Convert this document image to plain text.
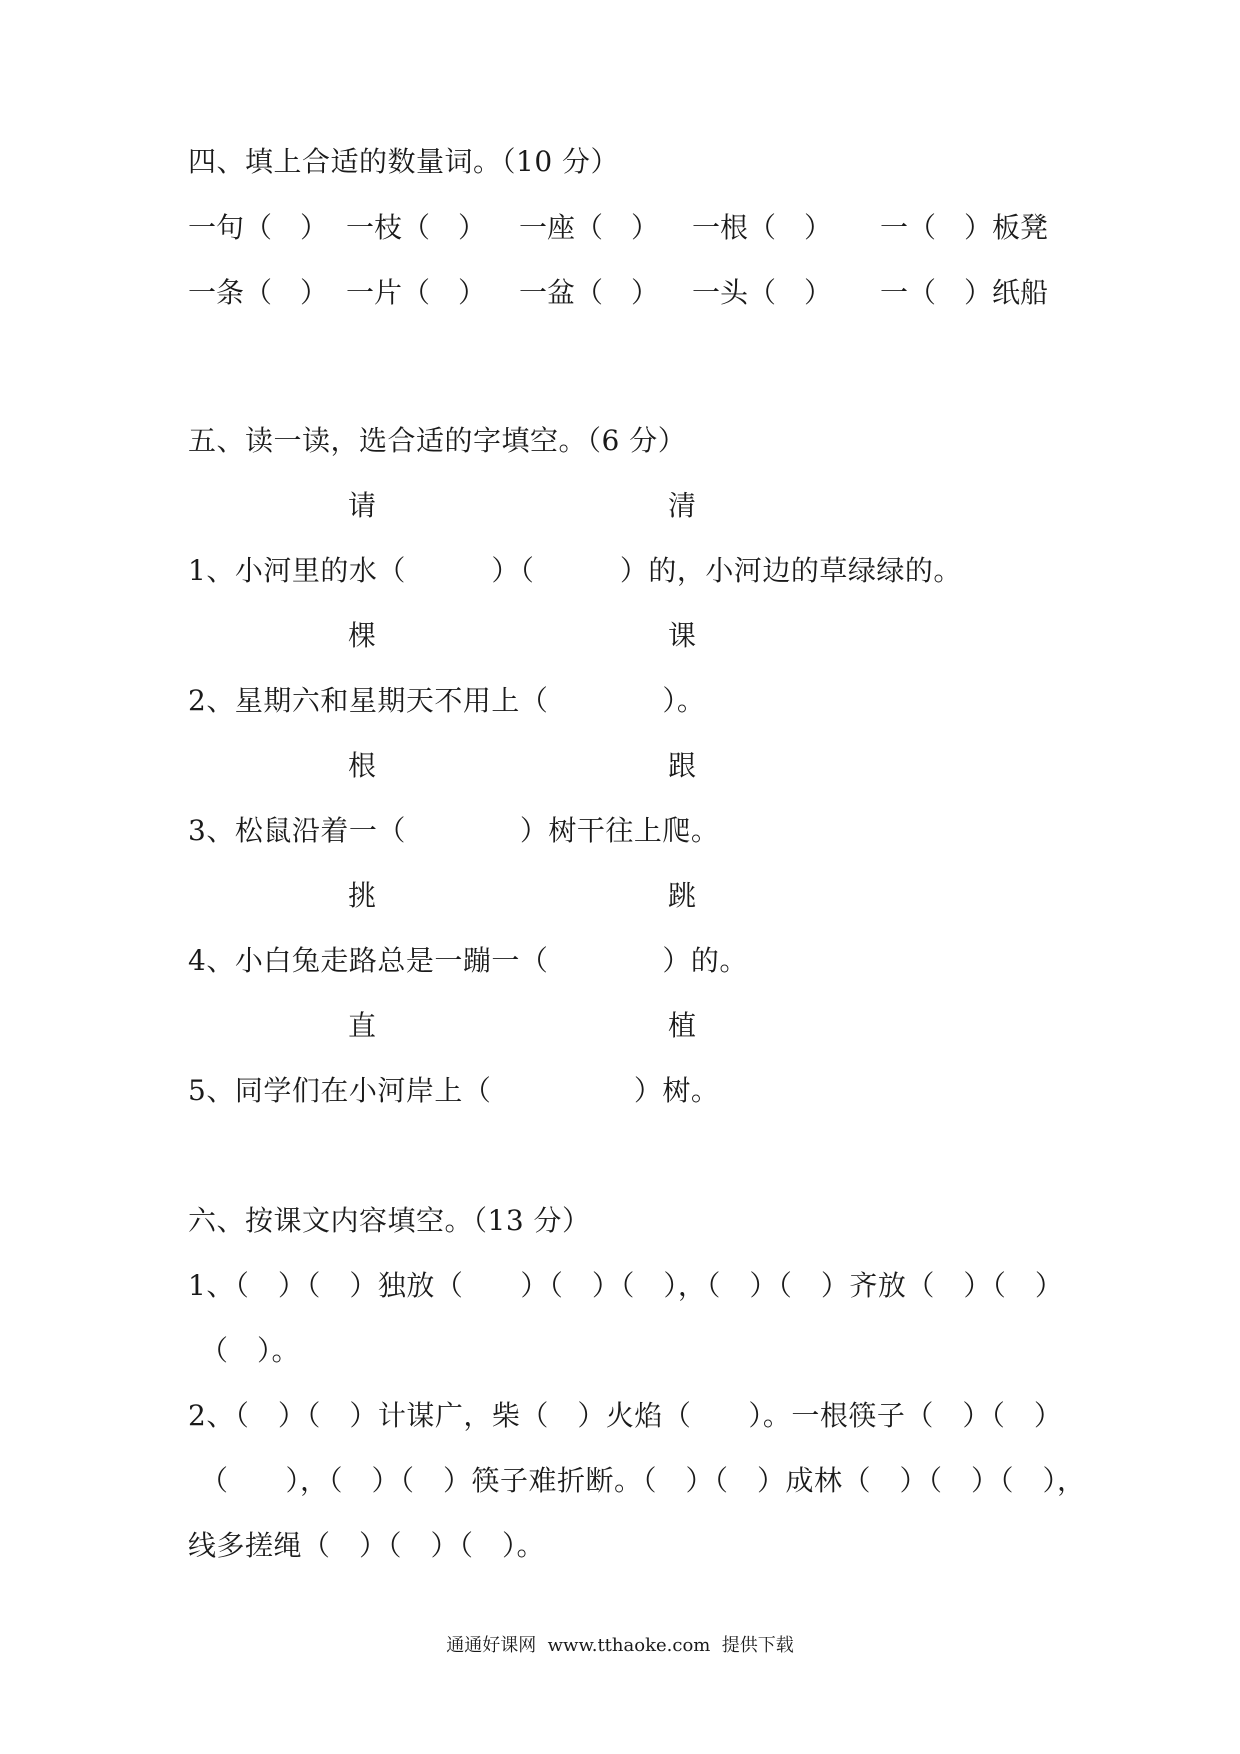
四、填上合适的数量词。（10 分）
一句（　） 一枝（　） 一座（　） 一根（　） 一（　）板凳
一条（　） 一片（　） 一盆（　） 一头（　） 一（　）纸船
五、读一读，选合适的字填空。（6 分）
请	清
1、小河里的水（　　　）（　　　）的，小河边的草绿绿的。
棵	课
2、星期六和星期天不用上（　　　　）。
根	跟
3、松鼠沿着一（　　　　）树干往上爬。
挑	跳
4、小白兔走路总是一蹦一（　　　　）的。
直	植
5、同学们在小河岸上（　　　　　）树。
六、按课文内容填空。（13 分）
1、（　）（　）独放（　　）（　）（　），（　）（　）齐放（　）（　）
（　）。
2、（　）（　）计谋广，柴（　）火焰（　　）。一根筷子（　）（　）
（　　），（　）（　）筷子难折断。（　）（　）成林（　）（　）（　），
线多搓绳（　）（　）（　）。
通通好课网  www.tthaoke.com  提供下载
